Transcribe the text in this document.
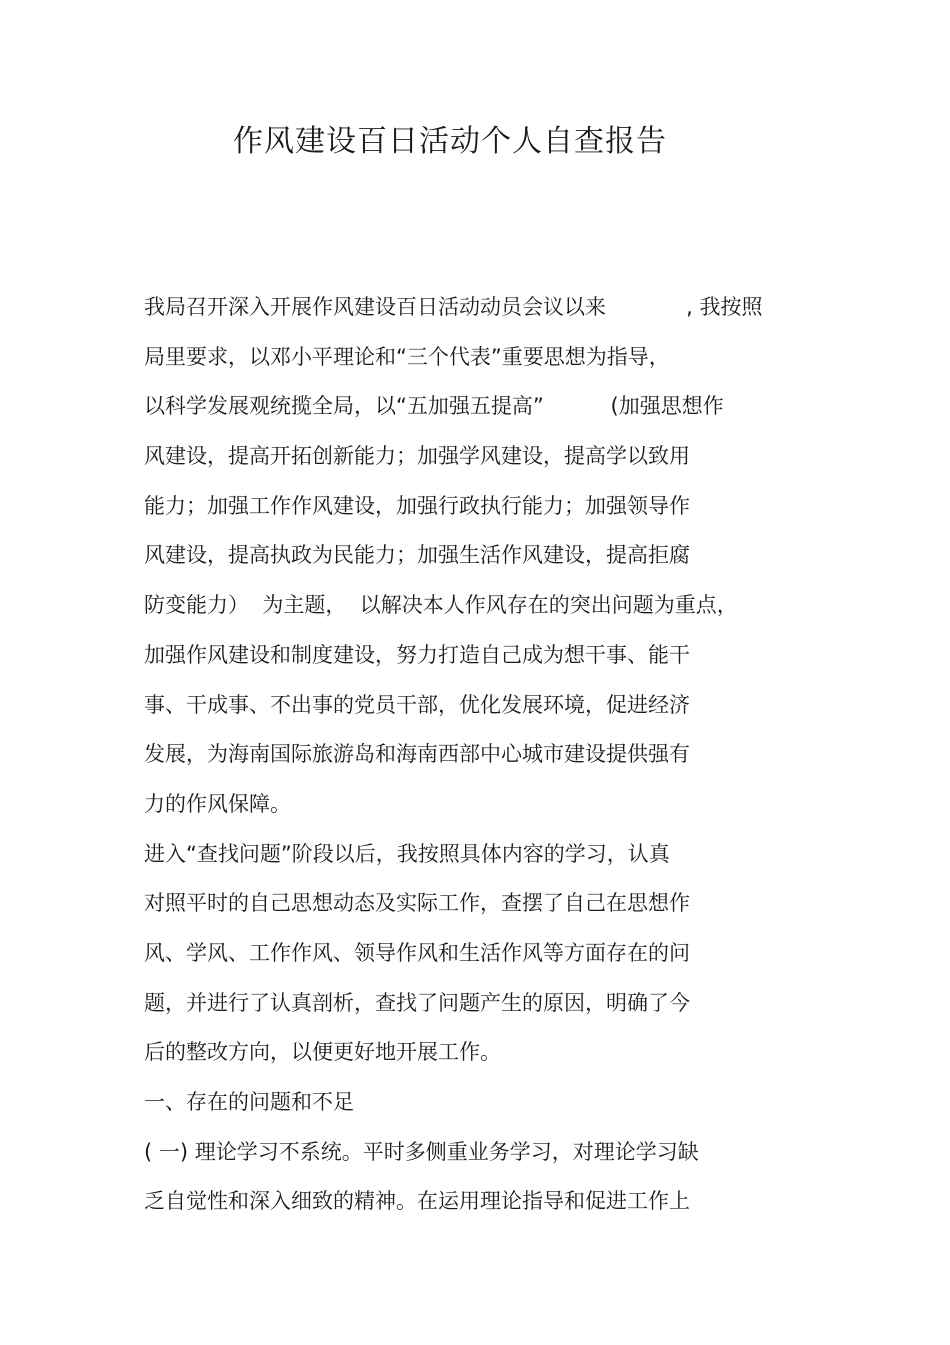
作风建设百日活动个人自查报告
我局召开深入开展作风建设百日活动动员会议以来            , 我按照
局里要求，以邓小平理论和“三个代表”重要思想为指导，
以科学发展观统揽全局，以“五加强五提高”          (加强思想作
风建设，提高开拓创新能力；加强学风建设，提高学以致用
能力；加强工作作风建设，加强行政执行能力；加强领导作
风建设，提高执政为民能力；加强生活作风建设，提高拒腐
防变能力）  为主题，  以解决本人作风存在的突出问题为重点，
加强作风建设和制度建设，努力打造自己成为想干事、能干
事、干成事、不出事的党员干部，优化发展环境，促进经济
发展，为海南国际旅游岛和海南西部中心城市建设提供强有
力的作风保障。
进入“查找问题”阶段以后，我按照具体内容的学习，认真
对照平时的自己思想动态及实际工作，查摆了自己在思想作
风、学风、工作作风、领导作风和生活作风等方面存在的问
题，并进行了认真剖析，查找了问题产生的原因，明确了今
后的整改方向，以便更好地开展工作。
一、存在的问题和不足
( 一) 理论学习不系统。平时多侧重业务学习，对理论学习缺
乏自觉性和深入细致的精神。在运用理论指导和促进工作上
